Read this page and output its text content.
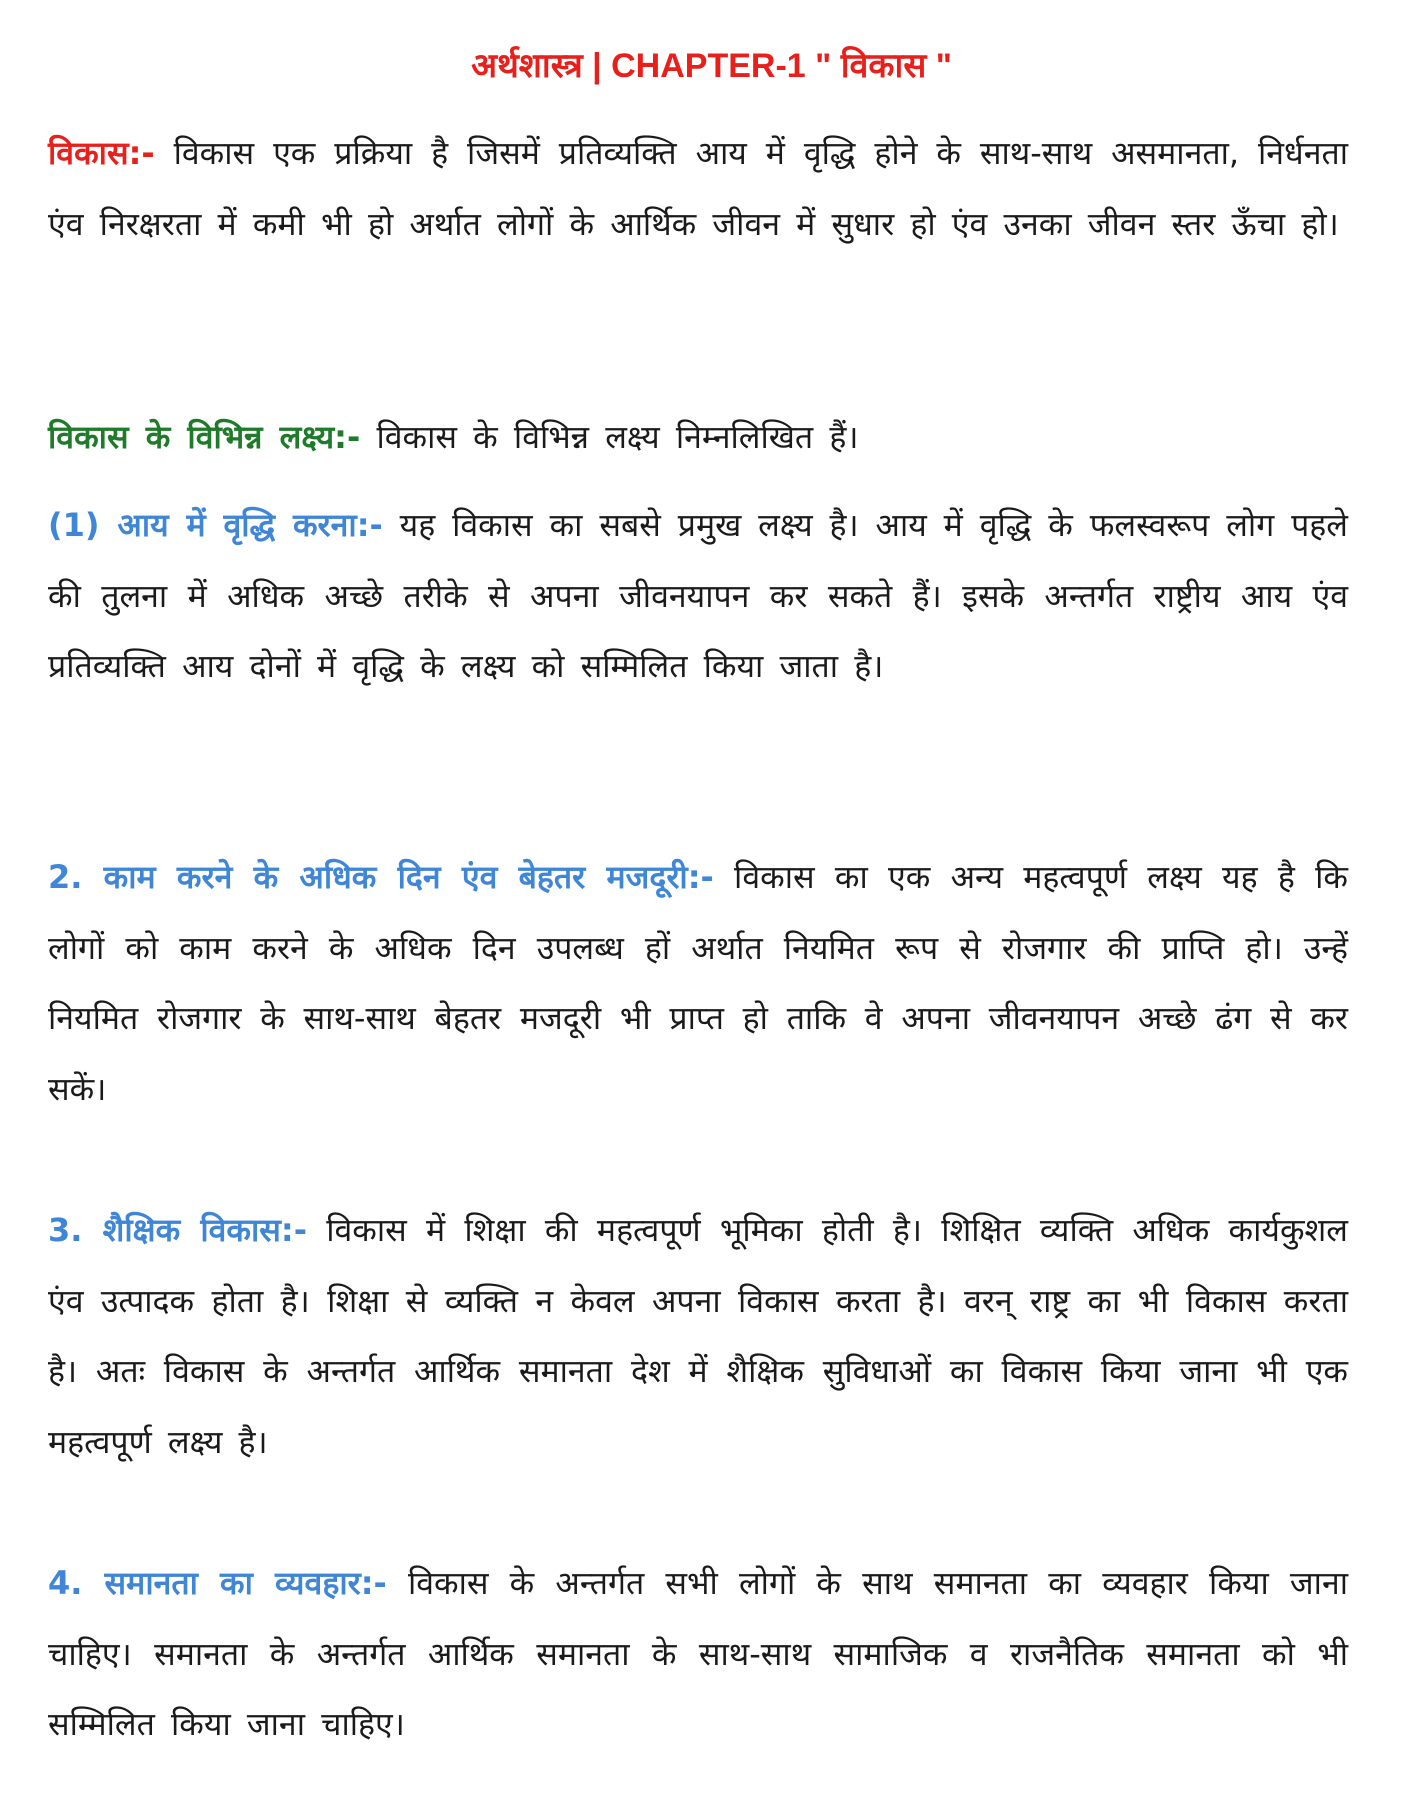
अर्थशास्त्र | CHAPTER-1 " विकास "

विकास:- विकास एक प्रक्रिया है जिसमें प्रतिव्यक्ति आय में वृद्धि होने के साथ-साथ असमानता, निर्धनता एंव निरक्षरता में कमी भी हो अर्थात लोगों के आर्थिक जीवन में सुधार हो एंव उनका जीवन स्तर ऊँचा हो।

विकास के विभिन्न लक्ष्य:- विकास के विभिन्न लक्ष्य निम्नलिखित हैं।

(1) आय में वृद्धि करना:- यह विकास का सबसे प्रमुख लक्ष्य है। आय में वृद्धि के फलस्वरूप लोग पहले की तुलना में अधिक अच्छे तरीके से अपना जीवनयापन कर सकते हैं। इसके अन्तर्गत राष्ट्रीय आय एंव प्रतिव्यक्ति आय दोनों में वृद्धि के लक्ष्य को सम्मिलित किया जाता है।

2. काम करने के अधिक दिन एंव बेहतर मजदूरी:- विकास का एक अन्य महत्वपूर्ण लक्ष्य यह है कि लोगों को काम करने के अधिक दिन उपलब्ध हों अर्थात नियमित रूप से रोजगार की प्राप्ति हो। उन्हें नियमित रोजगार के साथ-साथ बेहतर मजदूरी भी प्राप्त हो ताकि वे अपना जीवनयापन अच्छे ढंग से कर सकें।

3. शैक्षिक विकास:- विकास में शिक्षा की महत्वपूर्ण भूमिका होती है। शिक्षित व्यक्ति अधिक कार्यकुशल एंव उत्पादक होता है। शिक्षा से व्यक्ति न केवल अपना विकास करता है। वरन् राष्ट्र का भी विकास करता है। अतः विकास के अन्तर्गत आर्थिक समानता देश में शैक्षिक सुविधाओं का विकास किया जाना भी एक महत्वपूर्ण लक्ष्य है।

4. समानता का व्यवहार:- विकास के अन्तर्गत सभी लोगों के साथ समानता का व्यवहार किया जाना चाहिए। समानता के अन्तर्गत आर्थिक समानता के साथ-साथ सामाजिक व राजनैतिक समानता को भी सम्मिलित किया जाना चाहिए।
